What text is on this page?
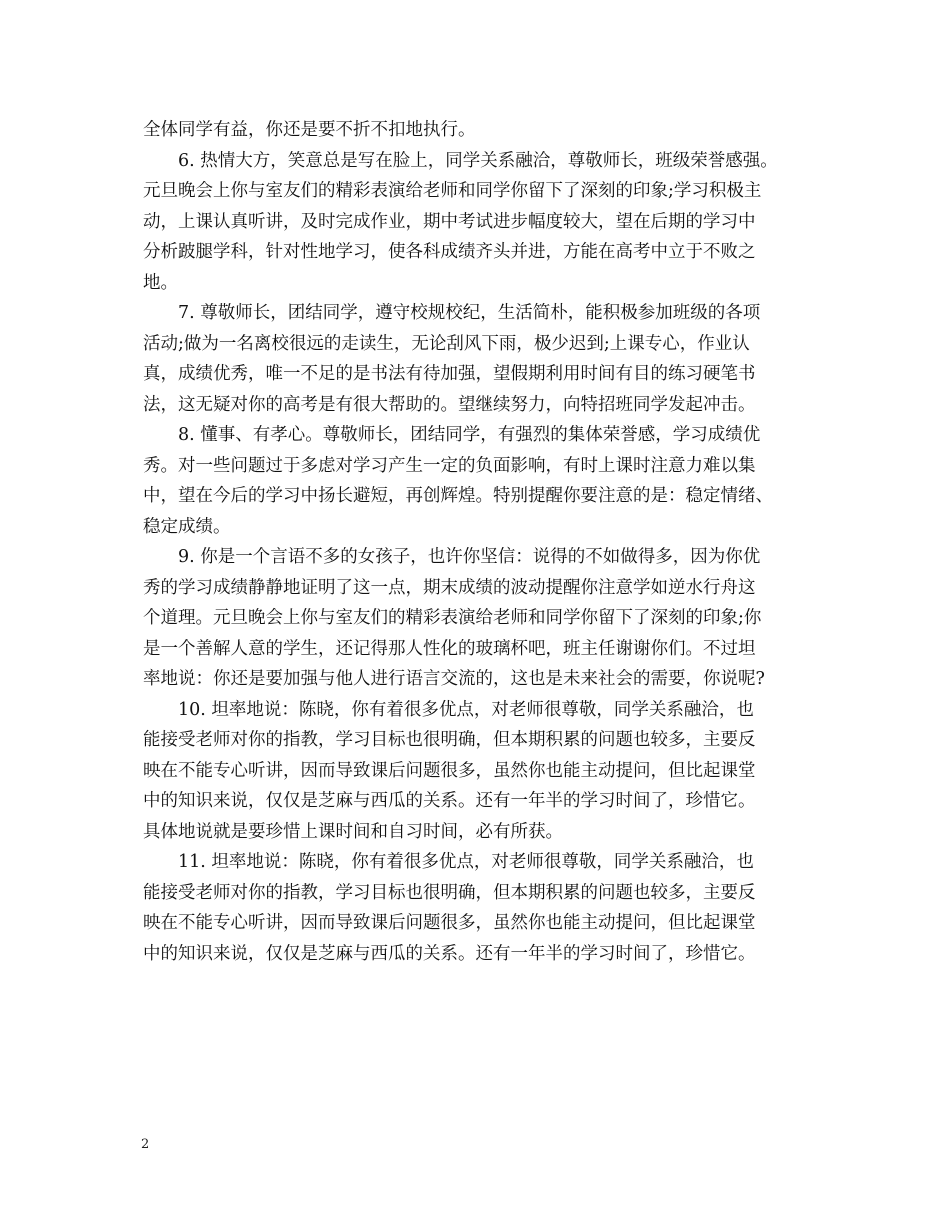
全体同学有益，你还是要不折不扣地执行。
6. 热情大方，笑意总是写在脸上，同学关系融洽，尊敬师长，班级荣誉感强。
元旦晚会上你与室友们的精彩表演给老师和同学你留下了深刻的印象;学习积极主
动，上课认真听讲，及时完成作业，期中考试进步幅度较大，望在后期的学习中
分析跛腿学科，针对性地学习，使各科成绩齐头并进，方能在高考中立于不败之
地。
7. 尊敬师长，团结同学，遵守校规校纪，生活简朴，能积极参加班级的各项
活动;做为一名离校很远的走读生，无论刮风下雨，极少迟到;上课专心，作业认
真，成绩优秀，唯一不足的是书法有待加强，望假期利用时间有目的练习硬笔书
法，这无疑对你的高考是有很大帮助的。望继续努力，向特招班同学发起冲击。
8. 懂事、有孝心。尊敬师长，团结同学，有强烈的集体荣誉感，学习成绩优
秀。对一些问题过于多虑对学习产生一定的负面影响，有时上课时注意力难以集
中，望在今后的学习中扬长避短，再创辉煌。特别提醒你要注意的是：稳定情绪、
稳定成绩。
9. 你是一个言语不多的女孩子，也许你坚信：说得的不如做得多，因为你优
秀的学习成绩静静地证明了这一点，期末成绩的波动提醒你注意学如逆水行舟这
个道理。元旦晚会上你与室友们的精彩表演给老师和同学你留下了深刻的印象;你
是一个善解人意的学生，还记得那人性化的玻璃杯吧，班主任谢谢你们。不过坦
率地说：你还是要加强与他人进行语言交流的，这也是未来社会的需要，你说呢?
10. 坦率地说：陈晓，你有着很多优点，对老师很尊敬，同学关系融洽，也
能接受老师对你的指教，学习目标也很明确，但本期积累的问题也较多，主要反
映在不能专心听讲，因而导致课后问题很多，虽然你也能主动提问，但比起课堂
中的知识来说，仅仅是芝麻与西瓜的关系。还有一年半的学习时间了，珍惜它。
具体地说就是要珍惜上课时间和自习时间，必有所获。
11. 坦率地说：陈晓，你有着很多优点，对老师很尊敬，同学关系融洽，也
能接受老师对你的指教，学习目标也很明确，但本期积累的问题也较多，主要反
映在不能专心听讲，因而导致课后问题很多，虽然你也能主动提问，但比起课堂
中的知识来说，仅仅是芝麻与西瓜的关系。还有一年半的学习时间了，珍惜它。
2
